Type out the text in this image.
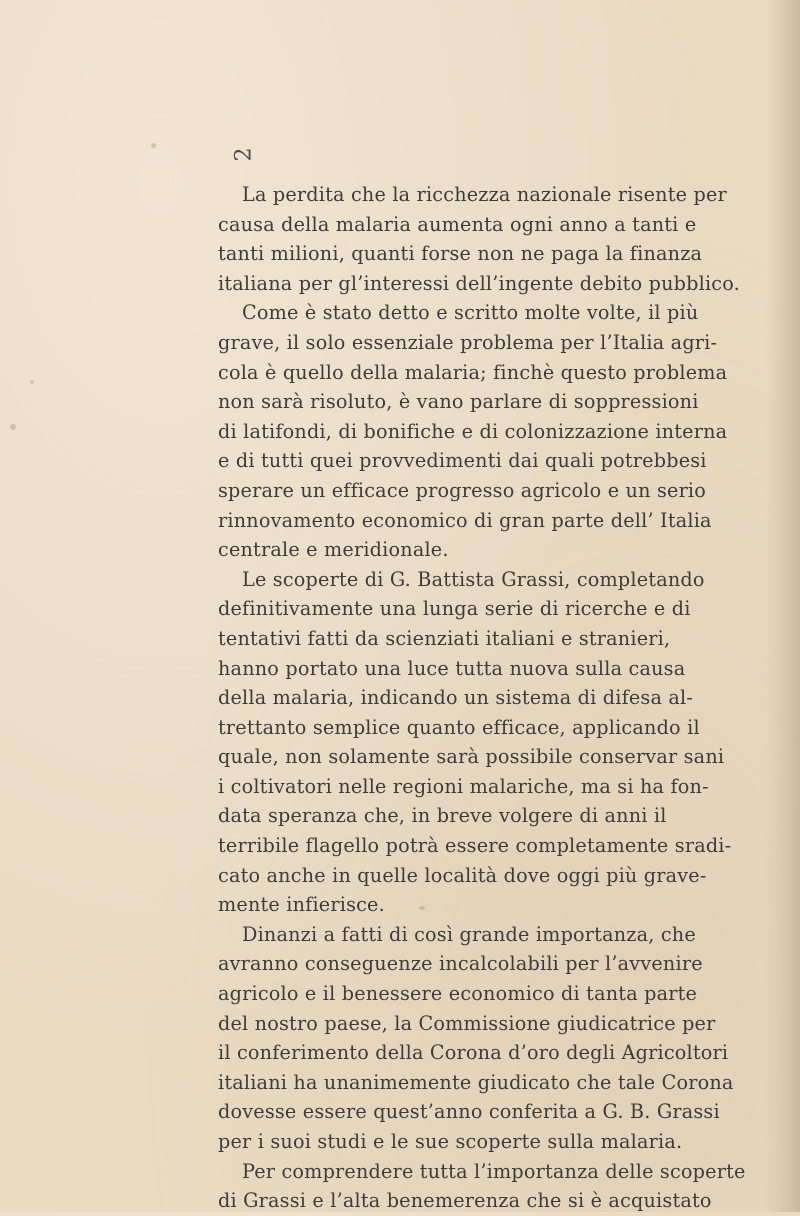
2
La perdita che la ricchezza nazionale risente per
causa della malaria aumenta ogni anno a tanti e
tanti milioni, quanti forse non ne paga la finanza
italiana per gl’interessi dell’ingente debito pubblico.
Come è stato detto e scritto molte volte, il più
grave, il solo essenziale problema per l’Italia agri-
cola è quello della malaria; finchè questo problema
non sarà risoluto, è vano parlare di soppressioni
di latifondi, di bonifiche e di colonizzazione interna
e di tutti quei provvedimenti dai quali potrebbesi
sperare un efficace progresso agricolo e un serio
rinnovamento economico di gran parte dell’ Italia
centrale e meridionale.
Le scoperte di G. Battista Grassi, completando
definitivamente una lunga serie di ricerche e di
tentativi fatti da scienziati italiani e stranieri,
hanno portato una luce tutta nuova sulla causa
della malaria, indicando un sistema di difesa al-
trettanto semplice quanto efficace, applicando il
quale, non solamente sarà possibile conservar sani
i coltivatori nelle regioni malariche, ma si ha fon-
data speranza che, in breve volgere di anni il
terribile flagello potrà essere completamente sradi-
cato anche in quelle località dove oggi più grave-
mente infierisce.
Dinanzi a fatti di così grande importanza, che
avranno conseguenze incalcolabili per l’avvenire
agricolo e il benessere economico di tanta parte
del nostro paese, la Commissione giudicatrice per
il conferimento della Corona d’oro degli Agricoltori
italiani ha unanimemente giudicato che tale Corona
dovesse essere quest’anno conferita a G. B. Grassi
per i suoi studi e le sue scoperte sulla malaria.
Per comprendere tutta l’importanza delle scoperte
di Grassi e l’alta benemerenza che si è acquistato
